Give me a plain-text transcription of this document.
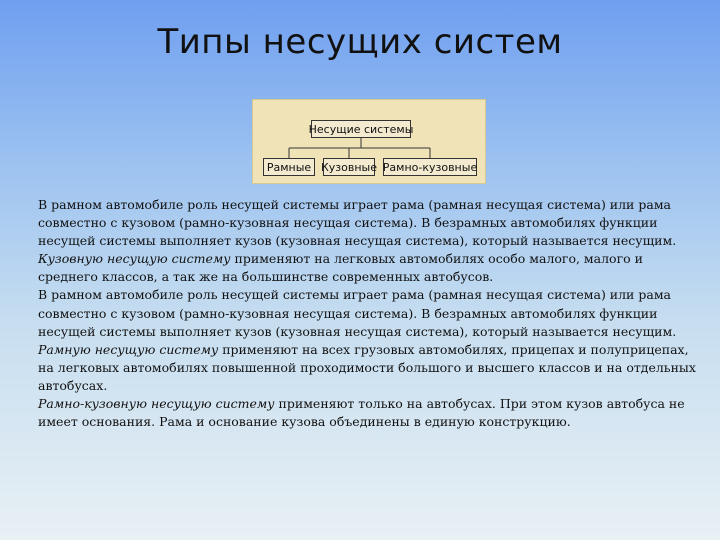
Типы несущих систем
Несущие системы
Рамные Кузовные Рамно-кузовные

В рамном автомобиле роль несущей системы играет рама (рамная несущая система) или рама совместно с кузовом (рамно-кузовная несущая система). В безрамных автомобилях функции несущей системы выполняет кузов (кузовная несущая система), который называется несущим.

Кузовную несущую систему применяют на легковых автомобилях особо малого, малого и среднего классов, а так же на большинстве современных автобусов.

В рамном автомобиле роль несущей системы играет рама (рамная несущая система) или рама совместно с кузовом (рамно-кузовная несущая система). В безрамных автомобилях функции несущей системы выполняет кузов (кузовная несущая система), который называется несущим.

Рамную несущую систему применяют на всех грузовых автомобилях, прицепах и полуприцепах, на легковых автомобилях повышенной проходимости большого и высшего классов и на отдельных автобусах.

Рамно-кузовную несущую систему применяют только на автобусах. При этом кузов автобуса не имеет основания. Рама и основание кузова объединены в единую конструкцию.
